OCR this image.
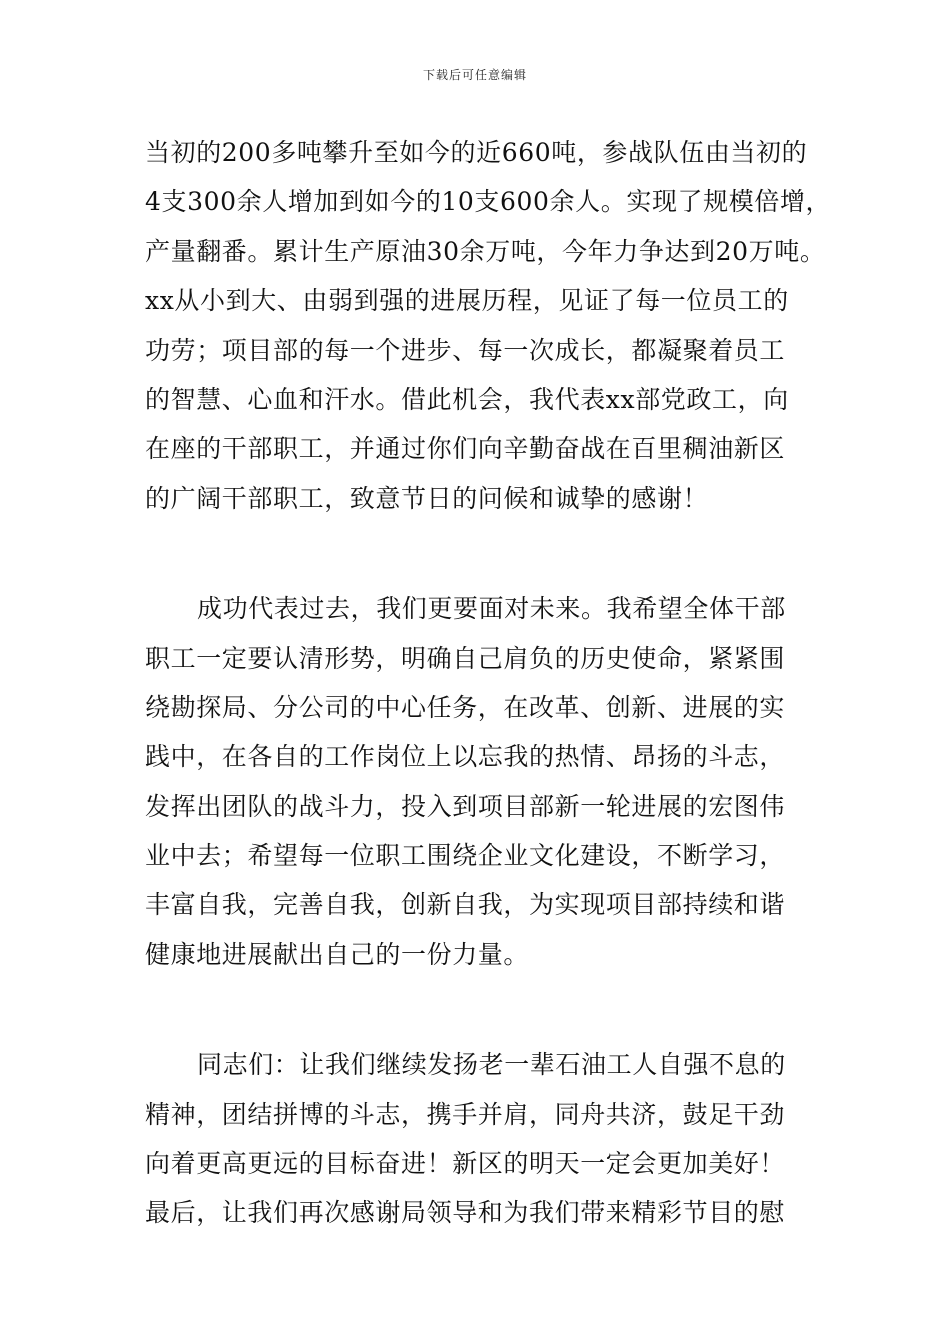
下载后可任意编辑
当初的200多吨攀升至如今的近660吨，参战队伍由当初的
4支300余人增加到如今的10支600余人。实现了规模倍增，
产量翻番。累计生产原油30余万吨，今年力争达到20万吨。
xx从小到大、由弱到强的进展历程，见证了每一位员工的
功劳；项目部的每一个进步、每一次成长，都凝聚着员工
的智慧、心血和汗水。借此机会，我代表xx部党政工，向
在座的干部职工，并通过你们向辛勤奋战在百里稠油新区
的广阔干部职工，致意节日的问候和诚挚的感谢！
成功代表过去，我们更要面对未来。我希望全体干部
职工一定要认清形势，明确自己肩负的历史使命，紧紧围
绕勘探局、分公司的中心任务，在改革、创新、进展的实
践中，在各自的工作岗位上以忘我的热情、昂扬的斗志，
发挥出团队的战斗力，投入到项目部新一轮进展的宏图伟
业中去；希望每一位职工围绕企业文化建设，不断学习，
丰富自我，完善自我，创新自我，为实现项目部持续和谐
健康地进展献出自己的一份力量。
同志们：让我们继续发扬老一辈石油工人自强不息的
精神，团结拼博的斗志，携手并肩，同舟共济，鼓足干劲
向着更高更远的目标奋进！新区的明天一定会更加美好！
最后，让我们再次感谢局领导和为我们带来精彩节目的慰
